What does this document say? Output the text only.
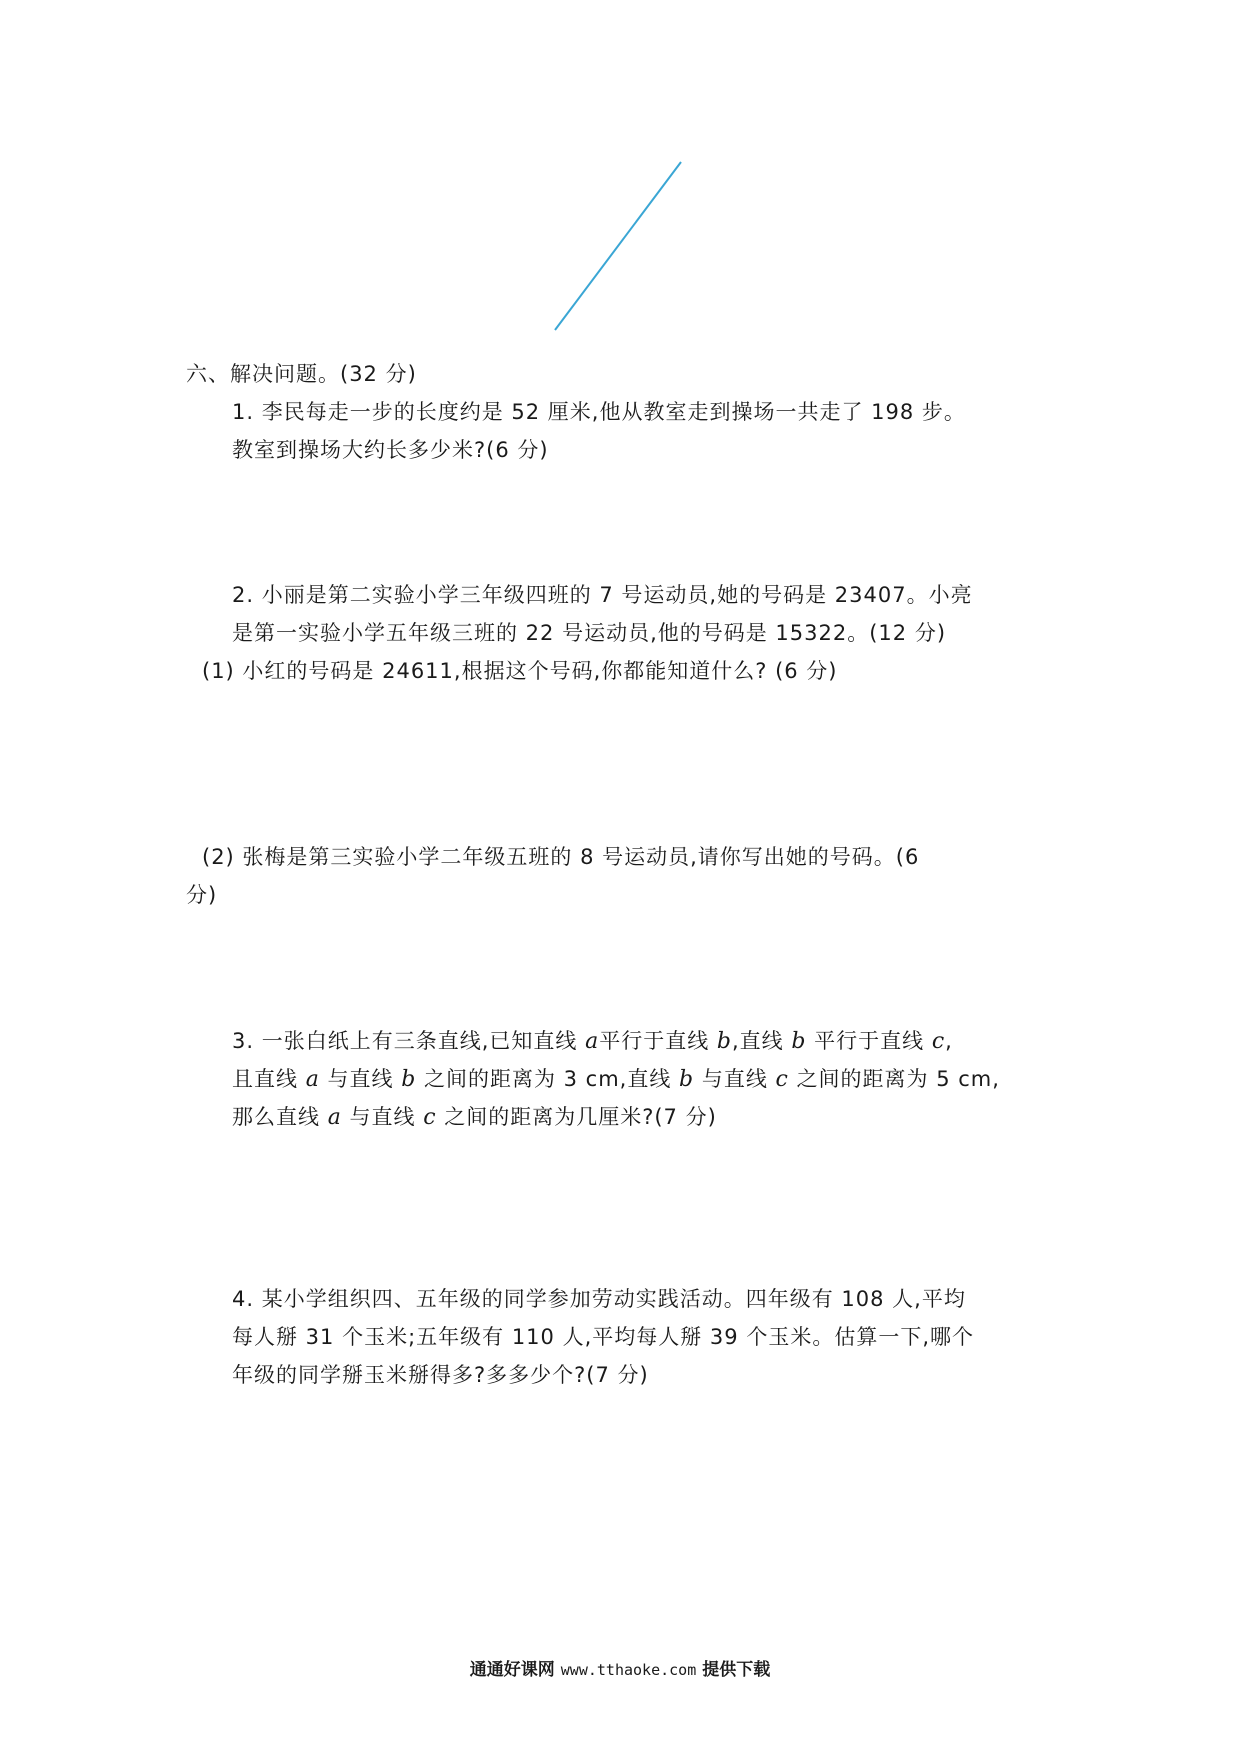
六、解决问题。(32 分)
1. 李民每走一步的长度约是 52 厘米,他从教室走到操场一共走了 198 步。
教室到操场大约长多少米?(6 分)
2. 小丽是第二实验小学三年级四班的 7 号运动员,她的号码是 23407。小亮
是第一实验小学五年级三班的 22 号运动员,他的号码是 15322。(12 分)
(1) 小红的号码是 24611,根据这个号码,你都能知道什么? (6 分)
(2) 张梅是第三实验小学二年级五班的 8 号运动员,请你写出她的号码。(6
分)
3. 一张白纸上有三条直线,已知直线 a平行于直线 b,直线 b 平行于直线 c,
且直线 a 与直线 b 之间的距离为 3 cm,直线 b 与直线 c 之间的距离为 5 cm,
那么直线 a 与直线 c 之间的距离为几厘米?(7 分)
4. 某小学组织四、五年级的同学参加劳动实践活动。四年级有 108 人,平均
每人掰 31 个玉米;五年级有 110 人,平均每人掰 39 个玉米。估算一下,哪个
年级的同学掰玉米掰得多?多多少个?(7 分)
通通好课网 www.tthaoke.com 提供下载
